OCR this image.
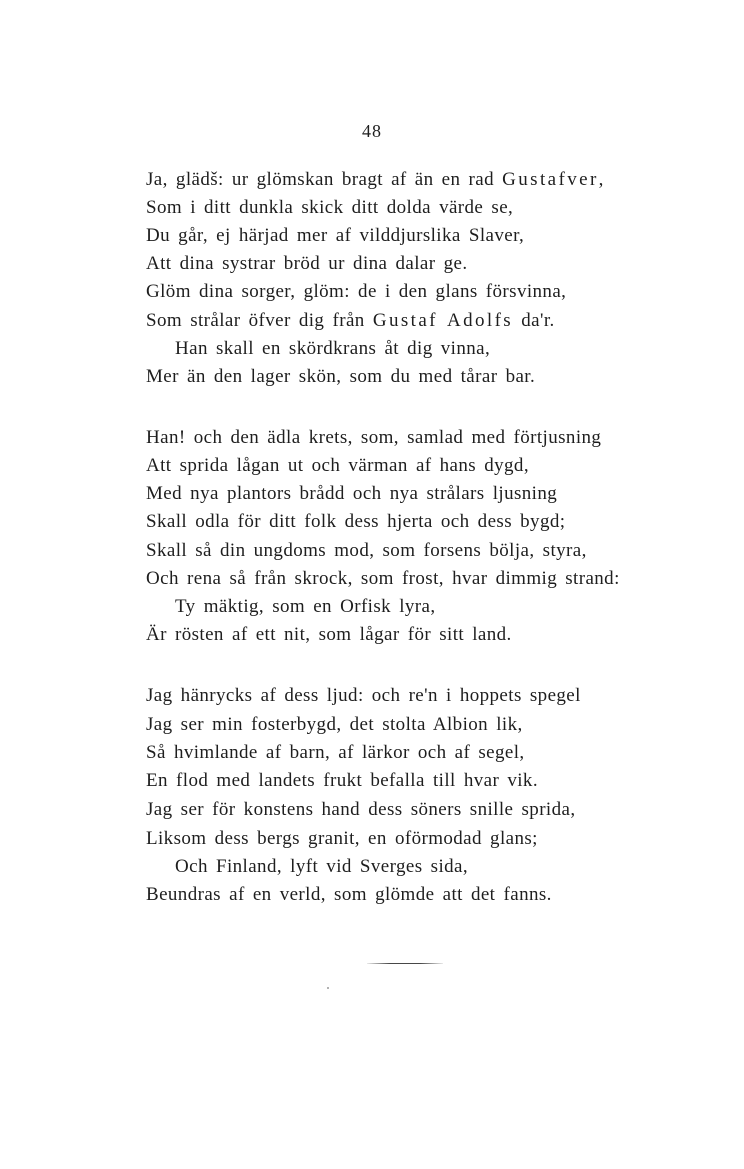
48
Ja, glädš: ur glömskan bragt af än en rad Gustafver,
Som i ditt dunkla skick ditt dolda värde se,
Du går, ej härjad mer af vilddjurslika Slaver,
Att dina systrar bröd ur dina dalar ge.
Glöm dina sorger, glöm: de i den glans försvinna,
Som strålar öfver dig från Gustaf Adolfs da'r.
Han skall en skördkrans åt dig vinna,
Mer än den lager skön, som du med tårar bar.
Han! och den ädla krets, som, samlad med förtjusning
Att sprida lågan ut och värman af hans dygd,
Med nya plantors brådd och nya strålars ljusning
Skall odla för ditt folk dess hjerta och dess bygd;
Skall så din ungdoms mod, som forsens bölja, styra,
Och rena så från skrock, som frost, hvar dimmig strand:
Ty mäktig, som en Orfisk lyra,
Är rösten af ett nit, som lågar för sitt land.
Jag hänrycks af dess ljud: och re'n i hoppets spegel
Jag ser min fosterbygd, det stolta Albion lik,
Så hvimlande af barn, af lärkor och af segel,
En flod med landets frukt befalla till hvar vik.
Jag ser för konstens hand dess söners snille sprida,
Liksom dess bergs granit, en oförmodad glans;
Och Finland, lyft vid Sverges sida,
Beundras af en verld, som glömde att det fanns.
